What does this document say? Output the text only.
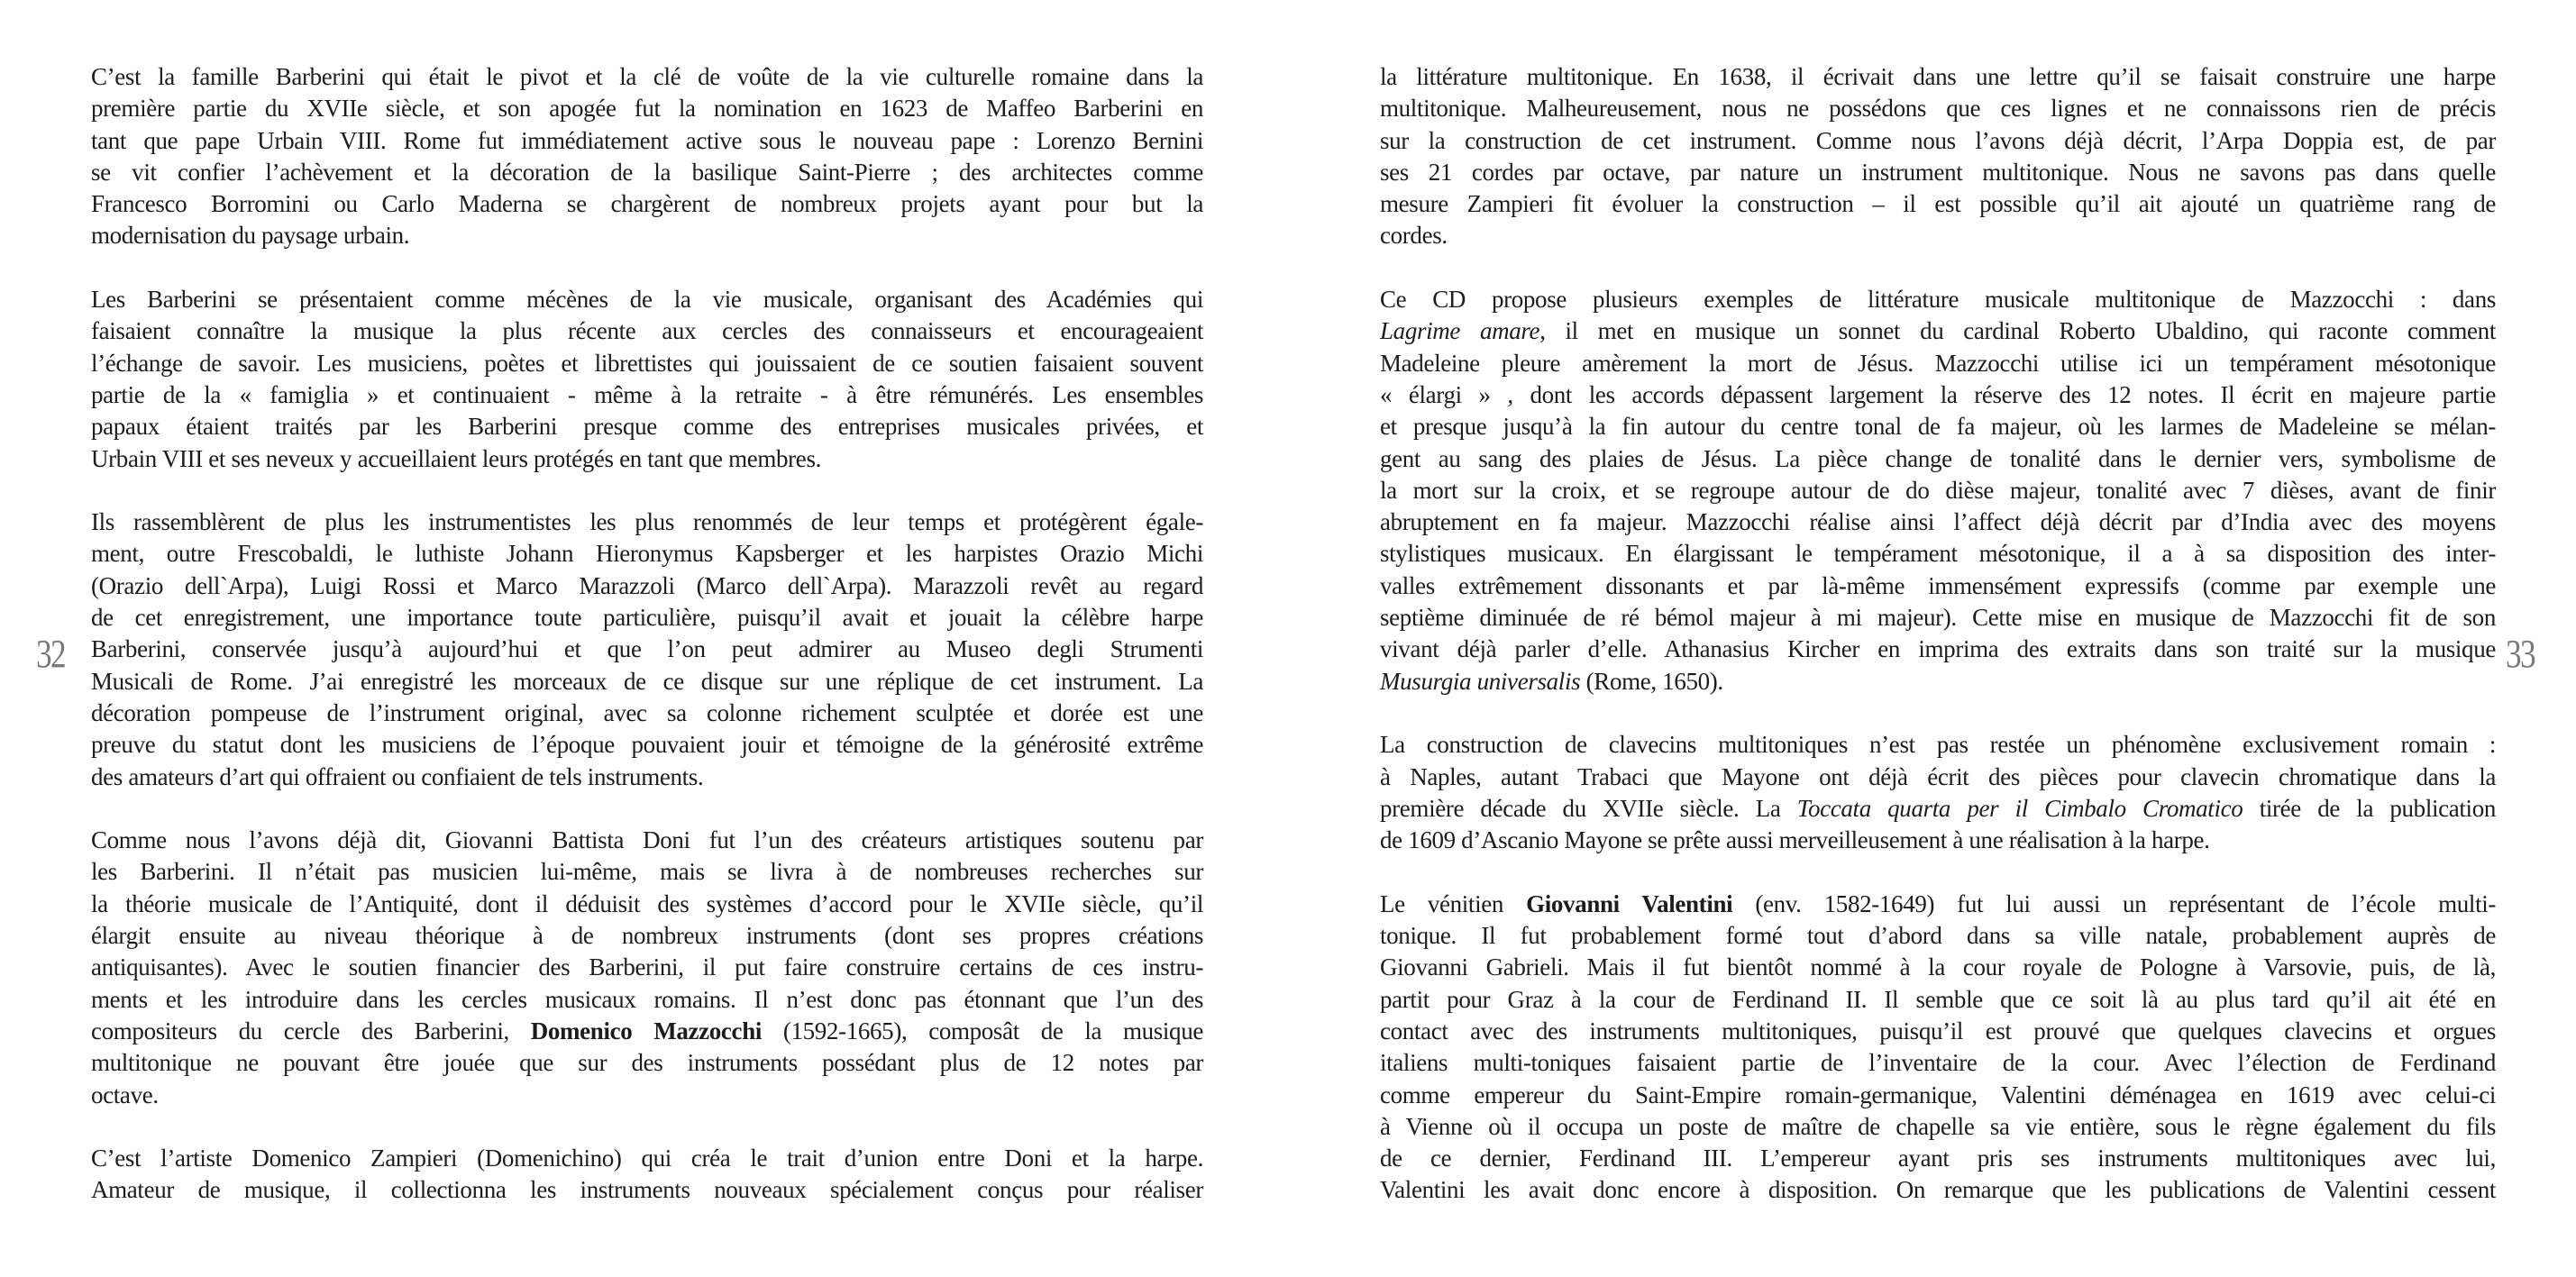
32	33
C’est la famille Barberini qui était le pivot et la clé de voûte de la vie culturelle romaine dans la
première partie du XVIIe siècle, et son apogée fut la nomination en 1623 de Maffeo Barberini en
tant que pape Urbain VIII. Rome fut immédiatement active sous le nouveau pape : Lorenzo Bernini
se vit confier l’achèvement et la décoration de la basilique Saint-Pierre ; des architectes comme
Francesco Borromini ou Carlo Maderna se chargèrent de nombreux projets ayant pour but la
modernisation du paysage urbain.
Les Barberini se présentaient comme mécènes de la vie musicale, organisant des Académies qui
faisaient connaître la musique la plus récente aux cercles des connaisseurs et encourageaient
l’échange de savoir. Les musiciens, poètes et librettistes qui jouissaient de ce soutien faisaient souvent
partie de la « famiglia » et continuaient - même à la retraite - à être rémunérés. Les ensembles
papaux étaient traités par les Barberini presque comme des entreprises musicales privées, et
Urbain VIII et ses neveux y accueillaient leurs protégés en tant que membres.
Ils rassemblèrent de plus les instrumentistes les plus renommés de leur temps et protégèrent égale-
ment, outre Frescobaldi, le luthiste Johann Hieronymus Kapsberger et les harpistes Orazio Michi
(Orazio dell`Arpa), Luigi Rossi et Marco Marazzoli (Marco dell`Arpa). Marazzoli revêt au regard
de cet enregistrement, une importance toute particulière, puisqu’il avait et jouait la célèbre harpe
Barberini, conservée jusqu’à aujourd’hui et que l’on peut admirer au Museo degli Strumenti
Musicali de Rome. J’ai enregistré les morceaux de ce disque sur une réplique de cet instrument. La
décoration pompeuse de l’instrument original, avec sa colonne richement sculptée et dorée est une
preuve du statut dont les musiciens de l’époque pouvaient jouir et témoigne de la générosité extrême
des amateurs d’art qui offraient ou confiaient de tels instruments.
Comme nous l’avons déjà dit, Giovanni Battista Doni fut l’un des créateurs artistiques soutenu par
les Barberini. Il n’était pas musicien lui-même, mais se livra à de nombreuses recherches sur
la théorie musicale de l’Antiquité, dont il déduisit des systèmes d’accord pour le XVIIe siècle, qu’il
élargit ensuite au niveau théorique à de nombreux instruments (dont ses propres créations
antiquisantes). Avec le soutien financier des Barberini, il put faire construire certains de ces instru-
ments et les introduire dans les cercles musicaux romains. Il n’est donc pas étonnant que l’un des
compositeurs du cercle des Barberini, Domenico Mazzocchi (1592-1665), composât de la musique
multitonique ne pouvant être jouée que sur des instruments possédant plus de 12 notes par
octave.
C’est l’artiste Domenico Zampieri (Domenichino) qui créa le trait d’union entre Doni et la harpe.
Amateur de musique, il collectionna les instruments nouveaux spécialement conçus pour réaliser
la littérature multitonique. En 1638, il écrivait dans une lettre qu’il se faisait construire une harpe
multitonique. Malheureusement, nous ne possédons que ces lignes et ne connaissons rien de précis
sur la construction de cet instrument. Comme nous l’avons déjà décrit, l’Arpa Doppia est, de par
ses 21 cordes par octave, par nature un instrument multitonique. Nous ne savons pas dans quelle
mesure Zampieri fit évoluer la construction – il est possible qu’il ait ajouté un quatrième rang de
cordes.
Ce CD propose plusieurs exemples de littérature musicale multitonique de Mazzocchi : dans
Lagrime amare, il met en musique un sonnet du cardinal Roberto Ubaldino, qui raconte comment
Madeleine pleure amèrement la mort de Jésus. Mazzocchi utilise ici un tempérament mésotonique
« élargi » , dont les accords dépassent largement la réserve des 12 notes. Il écrit en majeure partie
et presque jusqu’à la fin autour du centre tonal de fa majeur, où les larmes de Madeleine se mélan-
gent au sang des plaies de Jésus. La pièce change de tonalité dans le dernier vers, symbolisme de
la mort sur la croix, et se regroupe autour de do dièse majeur, tonalité avec 7 dièses, avant de finir
abruptement en fa majeur. Mazzocchi réalise ainsi l’affect déjà décrit par d’India avec des moyens
stylistiques musicaux. En élargissant le tempérament mésotonique, il a à sa disposition des inter-
valles extrêmement dissonants et par là-même immensément expressifs (comme par exemple une
septième diminuée de ré bémol majeur à mi majeur). Cette mise en musique de Mazzocchi fit de son
vivant déjà parler d’elle. Athanasius Kircher en imprima des extraits dans son traité sur la musique
Musurgia universalis (Rome, 1650).
La construction de clavecins multitoniques n’est pas restée un phénomène exclusivement romain :
à Naples, autant Trabaci que Mayone ont déjà écrit des pièces pour clavecin chromatique dans la
première décade du XVIIe siècle. La Toccata quarta per il Cimbalo Cromatico tirée de la publication
de 1609 d’Ascanio Mayone se prête aussi merveilleusement à une réalisation à la harpe.
Le vénitien Giovanni Valentini (env. 1582-1649) fut lui aussi un représentant de l’école multi-
tonique. Il fut probablement formé tout d’abord dans sa ville natale, probablement auprès de
Giovanni Gabrieli. Mais il fut bientôt nommé à la cour royale de Pologne à Varsovie, puis, de là,
partit pour Graz à la cour de Ferdinand II. Il semble que ce soit là au plus tard qu’il ait été en
contact avec des instruments multitoniques, puisqu’il est prouvé que quelques clavecins et orgues
italiens multi-toniques faisaient partie de l’inventaire de la cour. Avec l’élection de Ferdinand
comme empereur du Saint-Empire romain-germanique, Valentini déménagea en 1619 avec celui-ci
à Vienne où il occupa un poste de maître de chapelle sa vie entière, sous le règne également du fils
de ce dernier, Ferdinand III. L’empereur ayant pris ses instruments multitoniques avec lui,
Valentini les avait donc encore à disposition. On remarque que les publications de Valentini cessent
